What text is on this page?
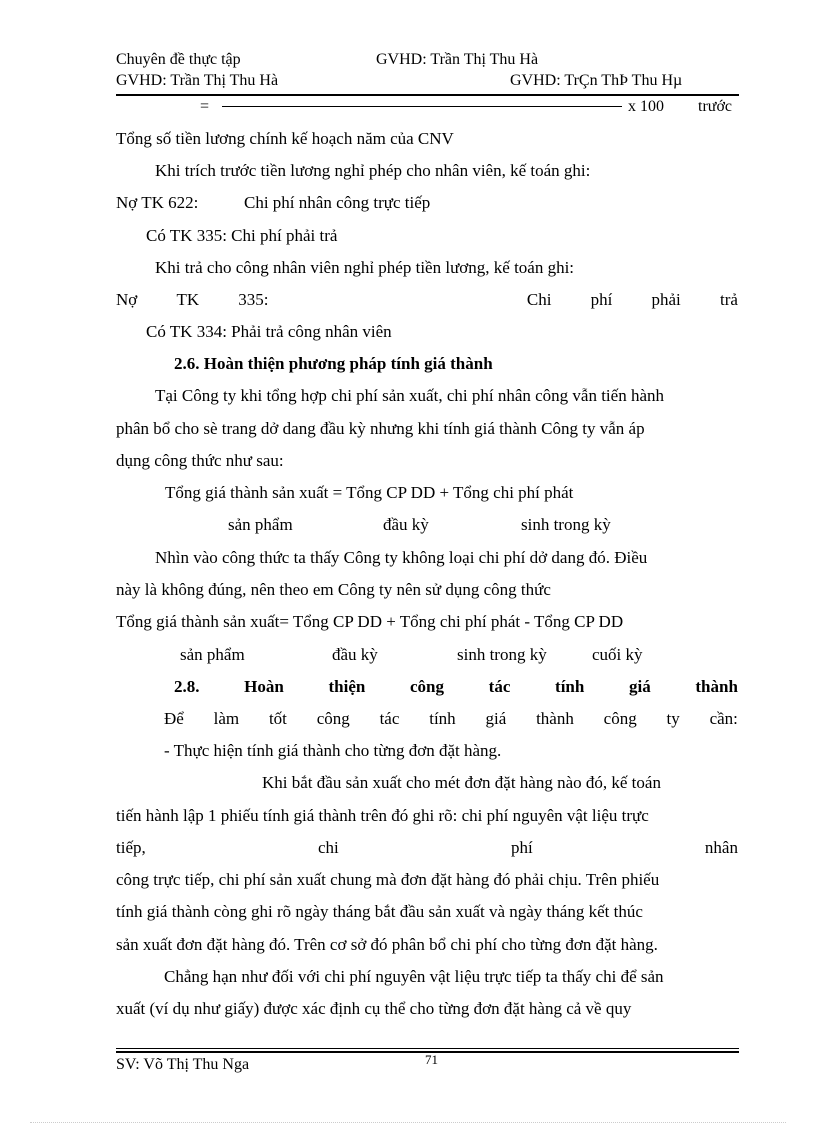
Chuyên đề thực tập	GVHD: Trần Thị Thu Hà
GVHD: Trần Thị Thu Hà	GVHD: TrÇn ThÞ Thu Hµ
=	x 100 trước
Tổng số tiền lương chính kế hoạch năm của CNV
Khi trích trước tiền lương nghỉ phép cho nhân viên, kế toán ghi:
Nợ TK 622:	Chi phí nhân công trực tiếp
Có TK 335: Chi phí phải trả
Khi trả cho công nhân viên nghỉ phép tiền lương, kế toán ghi:
Nợ TK 335:	Chi phí phải trả
Có TK 334: Phải trả công nhân viên
2.6. Hoàn thiện phương pháp tính giá thành
Tại Công ty khi tổng hợp chi phí sản xuất, chi phí nhân công vẫn tiến hành
phân bổ cho sè trang dở dang đầu kỳ nhưng khi tính giá thành Công ty vẫn áp
dụng công thức như sau:
Tổng giá thành sản xuất = Tổng CP DD + Tổng chi phí phát
sản phẩm	đầu kỳ	sinh trong kỳ
Nhìn vào công thức ta thấy Công ty không loại chi phí dở dang đó. Điều
này là không đúng, nên theo em Công ty nên sử dụng công thức
Tổng giá thành sản xuất= Tổng CP DD + Tổng chi phí phát - Tổng CP DD
sản phẩm	đầu kỳ	sinh trong kỳ	cuối kỳ
2.8.	Hoàn	thiện	công	tác	tính	giá	thành
Để làm tốt công tác tính giá thành công ty cần:
- Thực hiện tính giá thành cho từng đơn đặt hàng.
Khi bắt đầu sản xuất cho mét đơn đặt hàng nào đó, kế toán
tiến hành lập 1 phiếu tính giá thành trên đó ghi rõ: chi phí nguyên vật liệu trực
tiếp,	chi	phí	nhân
công trực tiếp, chi phí sản xuất chung mà đơn đặt hàng đó phải chịu. Trên phiếu
tính giá thành còng ghi rõ ngày tháng bắt đầu sản xuất và ngày tháng kết thúc
sản xuất đơn đặt hàng đó. Trên cơ sở đó phân bổ chi phí cho từng đơn đặt hàng.
Chẳng hạn như đối với chi phí nguyên vật liệu trực tiếp ta thấy chi để sản
xuất (ví dụ như giấy) được xác định cụ thể cho từng đơn đặt hàng cả về quy
SV: Võ Thị Thu Nga	71
